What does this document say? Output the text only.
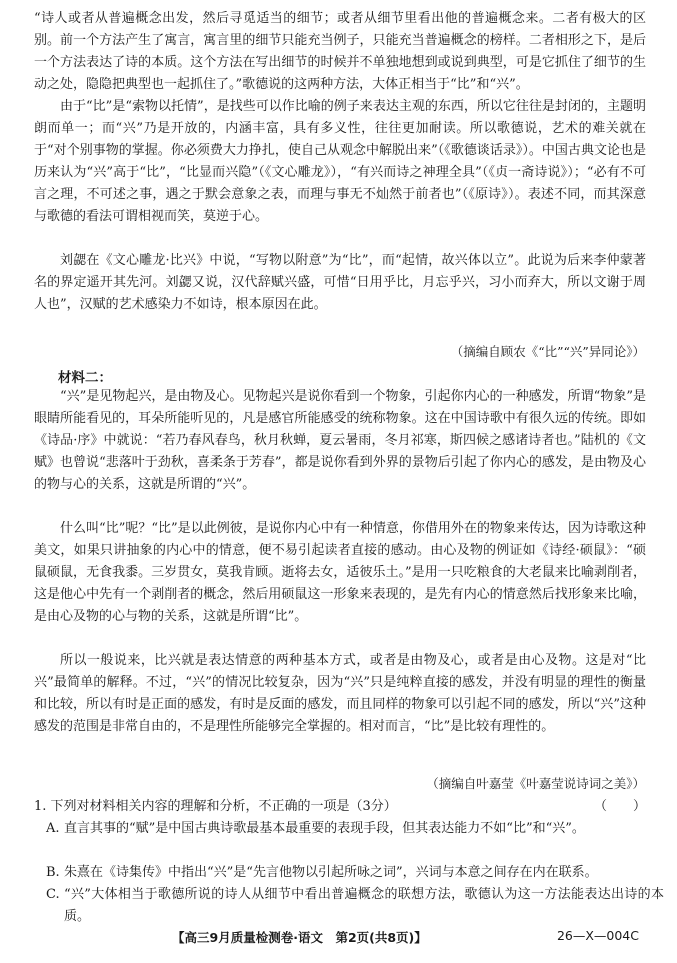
“诗人或者从普遍概念出发，然后寻觅适当的细节；或者从细节里看出他的普遍概念来。二者有极大的区别。前一个方法产生了寓言，寓言里的细节只能充当例子，只能充当普遍概念的榜样。二者相形之下，是后一个方法表达了诗的本质。这个方法在写出细节的时候并不单独地想到或说到典型，可是它抓住了细节的生动之处，隐隐把典型也一起抓住了。”歌德说的这两种方法，大体正相当于“比”和“兴”。

由于“比”是“索物以托情”，是找些可以作比喻的例子来表达主观的东西，所以它往往是封闭的，主题明朗而单一；而“兴”乃是开放的，内涵丰富，具有多义性，往往更加耐读。所以歌德说，艺术的难关就在于“对个别事物的掌握。你必须费大力挣扎，使自己从观念中解脱出来”（《歌德谈话录》）。中国古典文论也是历来认为“兴”高于“比”，“比显而兴隐”（《文心雕龙》），“有兴而诗之神理全具”（《贞一斋诗说》）；“必有不可言之理，不可述之事，遇之于默会意象之表，而理与事无不灿然于前者也”（《原诗》）。表述不同，而其深意与歌德的看法可谓相视而笑，莫逆于心。

刘勰在《文心雕龙·比兴》中说，“写物以附意”为“比”，而“起情，故兴体以立”。此说为后来李仲蒙著名的界定遥开其先河。刘勰又说，汉代辞赋兴盛，可惜“日用乎比，月忘乎兴，习小而弃大，所以文谢于周人也”，汉赋的艺术感染力不如诗，根本原因在此。

（摘编自顾农《“比”“兴”异同论》）

材料二：

“兴”是见物起兴，是由物及心。见物起兴是说你看到一个物象，引起你内心的一种感发，所谓“物象”是眼睛所能看见的，耳朵所能听见的，凡是感官所能感受的统称物象。这在中国诗歌中有很久远的传统。即如《诗品·序》中就说：“若乃春风春鸟，秋月秋蝉，夏云暑雨，冬月祁寒，斯四候之感诸诗者也。”陆机的《文赋》也曾说“悲落叶于劲秋，喜柔条于芳春”，都是说你看到外界的景物后引起了你内心的感发，是由物及心的物与心的关系，这就是所谓的“兴”。

什么叫“比”呢？“比”是以此例彼，是说你内心中有一种情意，你借用外在的物象来传达，因为诗歌这种美文，如果只讲抽象的内心中的情意，便不易引起读者直接的感动。由心及物的例证如《诗经·硕鼠》：“硕鼠硕鼠，无食我黍。三岁贯女，莫我肯顾。逝将去女，适彼乐土。”是用一只吃粮食的大老鼠来比喻剥削者，这是他心中先有一个剥削者的概念，然后用硕鼠这一形象来表现的，是先有内心的情意然后找形象来比喻，是由心及物的心与物的关系，这就是所谓“比”。

所以一般说来，比兴就是表达情意的两种基本方式，或者是由物及心，或者是由心及物。这是对“比兴”最简单的解释。不过，“兴”的情况比较复杂，因为“兴”只是纯粹直接的感发，并没有明显的理性的衡量和比较，所以有时是正面的感发，有时是反面的感发，而且同样的物象可以引起不同的感发，所以“兴”这种感发的范围是非常自由的，不是理性所能够完全掌握的。相对而言，“比”是比较有理性的。

（摘编自叶嘉莹《叶嘉莹说诗词之美》）

1. 下列对材料相关内容的理解和分析，不正确的一项是（3分）	（　　）

A. 直言其事的“赋”是中国古典诗歌最基本最重要的表现手段，但其表达能力不如“比”和“兴”。

B. 朱熹在《诗集传》中指出“兴”是“先言他物以引起所咏之词”，兴词与本意之间存在内在联系。

C. “兴”大体相当于歌德所说的诗人从细节中看出普遍概念的联想方法，歌德认为这一方法能表达出诗的本质。

【高三9月质量检测卷·语文　第2页(共8页)】	26—X—004C
